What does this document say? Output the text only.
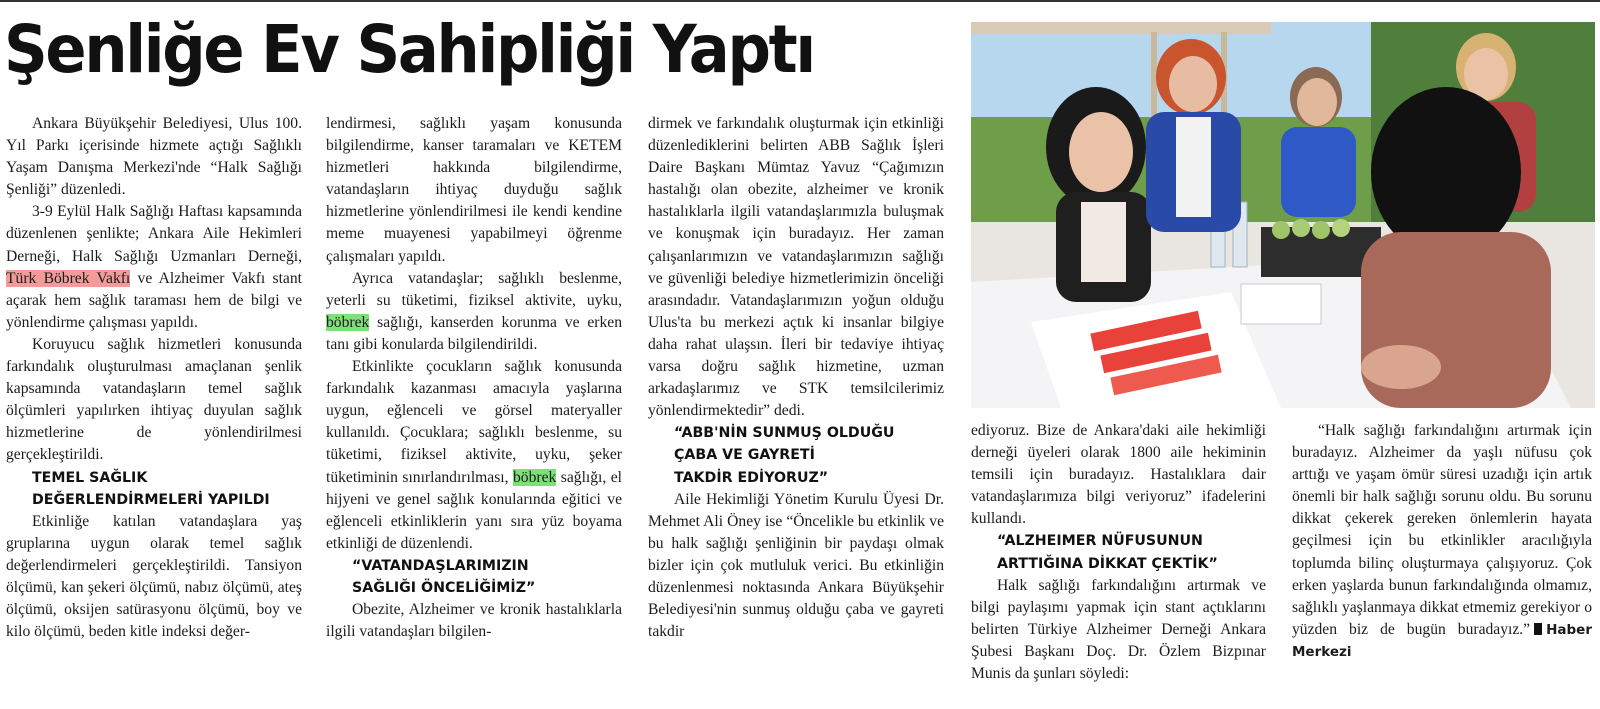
Şenliğe Ev Sahipliği Yaptı

Ankara Büyükşehir Belediyesi, Ulus 100. Yıl Parkı içerisinde hizmete açtığı Sağlıklı Yaşam Danışma Merkezi'nde “Halk Sağlığı Şenliği” düzenledi.

3-9 Eylül Halk Sağlığı Haftası kapsamında düzenlenen şenlikte; Ankara Aile Hekimleri Derneği, Halk Sağlığı Uzmanları Derneği, Türk Böbrek Vakfı ve Alzheimer Vakfı stant açarak hem sağlık taraması hem de bilgi ve yönlendirme çalışması yapıldı.

Koruyucu sağlık hizmetleri konusunda farkındalık oluşturulması amaçlanan şenlik kapsamında vatandaşların temel sağlık ölçümleri yapılırken ihtiyaç duyulan sağlık hizmetlerine de yönlendirilmesi gerçekleştirildi.

TEMEL SAĞLIK
DEĞERLENDİRMELERİ YAPILDI

Etkinliğe katılan vatandaşlara yaş gruplarına uygun olarak temel sağlık değerlendirmeleri gerçekleştirildi. Tansiyon ölçümü, kan şekeri ölçümü, nabız ölçümü, ateş ölçümü, oksijen satürasyonu ölçümü, boy ve kilo ölçümü, beden kitle indeksi değer-

lendirmesi, sağlıklı yaşam konusunda bilgilendirme, kanser taramaları ve KETEM hizmetleri hakkında bilgilendirme, vatandaşların ihtiyaç duyduğu sağlık hizmetlerine yönlendirilmesi ile kendi kendine meme muayenesi yapabilmeyi öğrenme çalışmaları yapıldı.

Ayrıca vatandaşlar; sağlıklı beslenme, yeterli su tüketimi, fiziksel aktivite, uyku, böbrek sağlığı, kanserden korunma ve erken tanı gibi konularda bilgilendirildi.

Etkinlikte çocukların sağlık konusunda farkındalık kazanması amacıyla yaşlarına uygun, eğlenceli ve görsel materyaller kullanıldı. Çocuklara; sağlıklı beslenme, su tüketimi, fiziksel aktivite, uyku, şeker tüketiminin sınırlandırılması, böbrek sağlığı, el hijyeni ve genel sağlık konularında eğitici ve eğlenceli etkinliklerin yanı sıra yüz boyama etkinliği de düzenlendi.

“VATANDAŞLARIMIZIN
SAĞLIĞI ÖNCELİĞİMİZ”

Obezite, Alzheimer ve kronik hastalıklarla ilgili vatandaşları bilgilen-

dirmek ve farkındalık oluşturmak için etkinliği düzenlediklerini belirten ABB Sağlık İşleri Daire Başkanı Mümtaz Yavuz “Çağımızın hastalığı olan obezite, alzheimer ve kronik hastalıklarla ilgili vatandaşlarımızla buluşmak ve konuşmak için buradayız. Her zaman çalışanlarımızın ve vatandaşlarımızın sağlığı ve güvenliği belediye hizmetlerimizin önceliği arasındadır. Vatandaşlarımızın yoğun olduğu Ulus'ta bu merkezi açtık ki insanlar bilgiye daha rahat ulaşsın. İleri bir tedaviye ihtiyaç varsa doğru sağlık hizmetine, uzman arkadaşlarımız ve STK temsilcilerimiz yönlendirmektedir” dedi.

“ABB'NİN SUNMUŞ OLDUĞU
ÇABA VE GAYRETİ
TAKDİR EDİYORUZ”

Aile Hekimliği Yönetim Kurulu Üyesi Dr. Mehmet Ali Öney ise “Öncelikle bu etkinlik ve bu halk sağlığı şenliğinin bir paydaşı olmak bizler için çok mutluluk verici. Bu etkinliğin düzenlenmesi noktasında Ankara Büyükşehir Belediyesi'nin sunmuş olduğu çaba ve gayreti takdir

ediyoruz. Bize de Ankara'daki aile hekimliği derneği üyeleri olarak 1800 aile hekiminin temsili için buradayız. Hastalıklara dair vatandaşlarımıza bilgi veriyoruz” ifadelerini kullandı.

“ALZHEIMER NÜFUSUNUN
ARTTIĞINA DİKKAT ÇEKTİK”

Halk sağlığı farkındalığını artırmak ve bilgi paylaşımı yapmak için stant açtıklarını belirten Türkiye Alzheimer Derneği Ankara Şubesi Başkanı Doç. Dr. Özlem Bizpınar Munis da şunları söyledi:

“Halk sağlığı farkındalığını artırmak için buradayız. Alzheimer da yaşlı nüfusu çok arttığı ve yaşam ömür süresi uzadığı için artık önemli bir halk sağlığı sorunu oldu. Bu sorunu dikkat çekerek gereken önlemlerin hayata geçilmesi için bu etkinlikler aracılığıyla toplumda bilinç oluşturmaya çalışıyoruz. Çok erken yaşlarda bunun farkındalığında olmamız, sağlıklı yaşlanmaya dikkat etmemiz gerekiyor o yüzden biz de bugün buradayız.” Haber Merkezi
